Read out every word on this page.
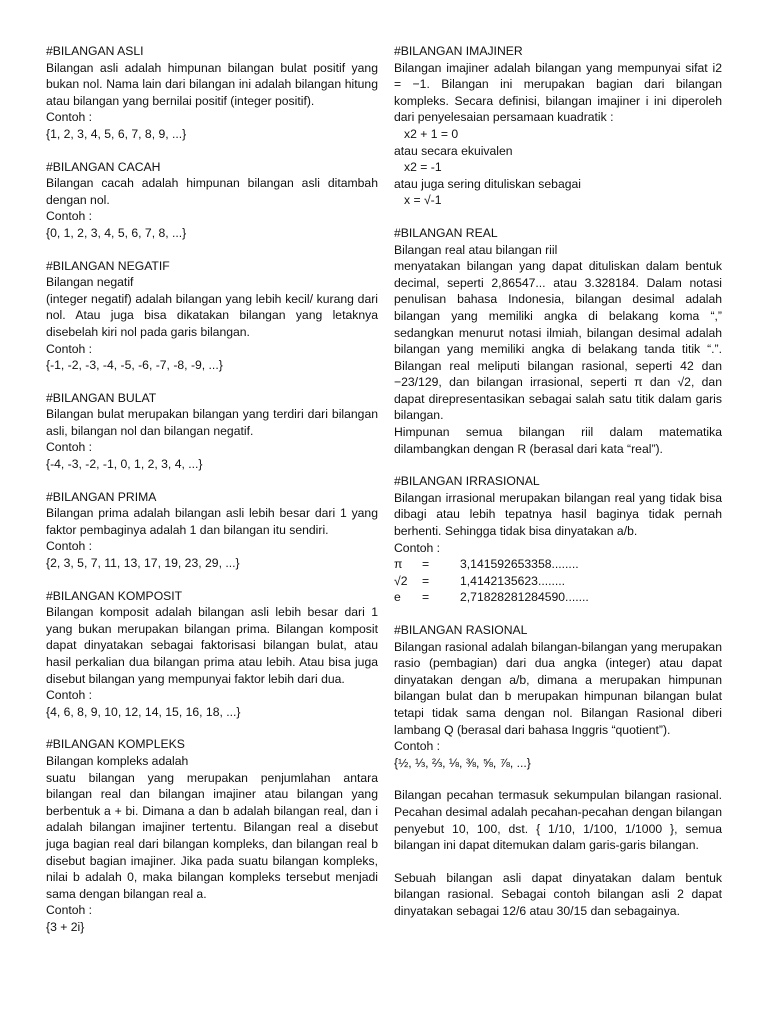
#BILANGAN ASLI
Bilangan asli adalah himpunan bilangan bulat positif yang bukan nol. Nama lain dari bilangan ini adalah bilangan hitung atau bilangan yang bernilai positif (integer positif).
Contoh :
{1, 2, 3, 4, 5, 6, 7, 8, 9, ...}
#BILANGAN CACAH
Bilangan cacah adalah himpunan bilangan asli ditambah dengan nol.
Contoh :
{0, 1, 2, 3, 4, 5, 6, 7, 8, ...}
#BILANGAN NEGATIF
Bilangan negatif
(integer negatif) adalah bilangan yang lebih kecil/ kurang dari nol. Atau juga bisa dikatakan bilangan yang letaknya disebelah kiri nol pada garis bilangan.
Contoh :
{-1, -2, -3, -4, -5, -6, -7, -8, -9, ...}
#BILANGAN BULAT
Bilangan bulat merupakan bilangan yang terdiri dari bilangan asli, bilangan nol dan bilangan negatif.
Contoh :
{-4, -3, -2, -1, 0, 1, 2, 3, 4, ...}
#BILANGAN PRIMA
Bilangan prima adalah bilangan asli lebih besar dari 1 yang faktor pembaginya adalah 1 dan bilangan itu sendiri.
Contoh :
{2, 3, 5, 7, 11, 13, 17, 19, 23, 29, ...}
#BILANGAN KOMPOSIT
Bilangan komposit adalah bilangan asli lebih besar dari 1 yang bukan merupakan bilangan prima. Bilangan komposit dapat dinyatakan sebagai faktorisasi bilangan bulat, atau hasil perkalian dua bilangan prima atau lebih. Atau bisa juga disebut bilangan yang mempunyai faktor lebih dari dua.
Contoh :
{4, 6, 8, 9, 10, 12, 14, 15, 16, 18, ...}
#BILANGAN KOMPLEKS
Bilangan kompleks adalah
suatu bilangan yang merupakan penjumlahan antara bilangan real dan bilangan imajiner atau bilangan yang berbentuk a + bi. Dimana a dan b adalah bilangan real, dan i adalah bilangan imajiner tertentu. Bilangan real a disebut juga bagian real dari bilangan kompleks, dan bilangan real b disebut bagian imajiner. Jika pada suatu bilangan kompleks, nilai b adalah 0, maka bilangan kompleks tersebut menjadi sama dengan bilangan real a.
Contoh :
{3 + 2i}
#BILANGAN IMAJINER
Bilangan imajiner adalah bilangan yang mempunyai sifat i2 = −1. Bilangan ini merupakan bagian dari bilangan kompleks. Secara definisi, bilangan imajiner i ini diperoleh dari penyelesaian persamaan kuadratik :
x2 + 1 = 0
atau secara ekuivalen
x2 = -1
atau juga sering dituliskan sebagai
x = √-1
#BILANGAN REAL
Bilangan real atau bilangan riil
menyatakan bilangan yang dapat dituliskan dalam bentuk decimal, seperti 2,86547... atau 3.328184. Dalam notasi penulisan bahasa Indonesia, bilangan desimal adalah bilangan yang memiliki angka di belakang koma “,” sedangkan menurut notasi ilmiah, bilangan desimal adalah bilangan yang memiliki angka di belakang tanda titik “.”. Bilangan real meliputi bilangan rasional, seperti 42 dan −23/129, dan bilangan irrasional, seperti π dan √2, dan dapat direpresentasikan sebagai salah satu titik dalam garis bilangan.
Himpunan semua bilangan riil dalam matematika dilambangkan dengan R (berasal dari kata “real”).
#BILANGAN IRRASIONAL
Bilangan irrasional merupakan bilangan real yang tidak bisa dibagi atau lebih tepatnya hasil baginya tidak pernah berhenti. Sehingga tidak bisa dinyatakan a/b.
Contoh :
π	=	3,141592653358........
√2	=	1,4142135623........
e	=	2,71828281284590.......
#BILANGAN RASIONAL
Bilangan rasional adalah bilangan-bilangan yang merupakan rasio (pembagian) dari dua angka (integer) atau dapat dinyatakan dengan a/b, dimana a merupakan himpunan bilangan bulat dan b merupakan himpunan bilangan bulat tetapi tidak sama dengan nol. Bilangan Rasional diberi lambang Q (berasal dari bahasa Inggris “quotient”).
Contoh :
{½, ⅓, ⅔, ⅛, ⅜, ⅝, ⅞, ...}
Bilangan pecahan termasuk sekumpulan bilangan rasional. Pecahan desimal adalah pecahan-pecahan dengan bilangan penyebut 10, 100, dst. { 1/10, 1/100, 1/1000 }, semua bilangan ini dapat ditemukan dalam garis-garis bilangan.
Sebuah bilangan asli dapat dinyatakan dalam bentuk bilangan rasional. Sebagai contoh bilangan asli 2 dapat dinyatakan sebagai 12/6 atau 30/15 dan sebagainya.
